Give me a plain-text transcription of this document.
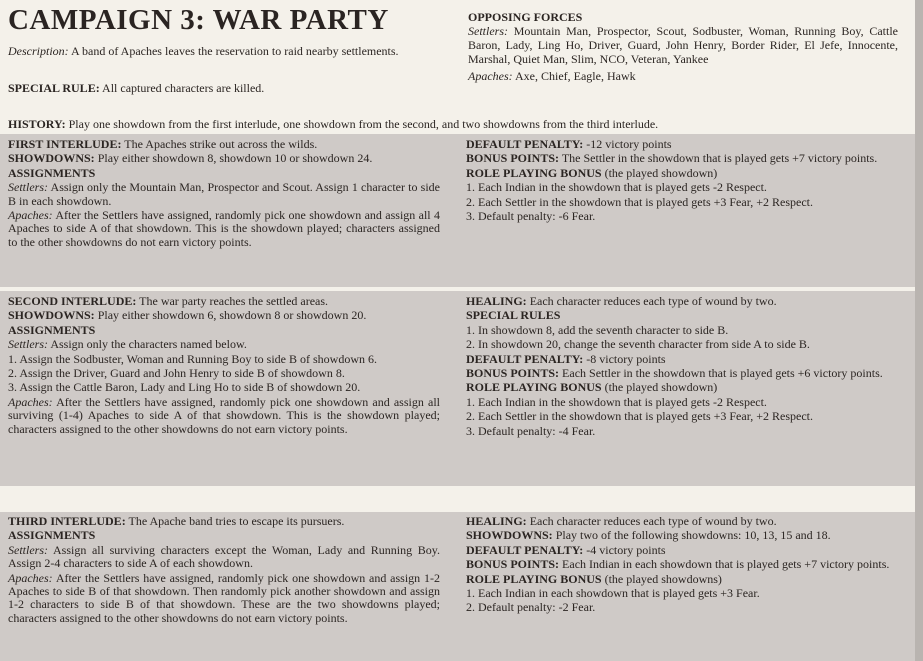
CAMPAIGN 3: WAR PARTY
Description: A band of Apaches leaves the reservation to raid nearby settlements.
SPECIAL RULE: All captured characters are killed.
OPPOSING FORCES
Settlers: Mountain Man, Prospector, Scout, Sodbuster, Woman, Running Boy, Cattle Baron, Lady, Ling Ho, Driver, Guard, John Henry, Border Rider, El Jefe, Innocente, Marshal, Quiet Man, Slim, NCO, Veteran, Yankee
Apaches: Axe, Chief, Eagle, Hawk
HISTORY: Play one showdown from the first interlude, one showdown from the second, and two showdowns from the third interlude.

FIRST INTERLUDE: The Apaches strike out across the wilds.

SHOWDOWNS: Play either showdown 8, showdown 10 or showdown 24.

ASSIGNMENTS

Settlers: Assign only the Mountain Man, Prospector and Scout. Assign 1 character to side B in each showdown.

Apaches: After the Settlers have assigned, randomly pick one showdown and assign all 4 Apaches to side A of that showdown. This is the showdown played; characters assigned to the other showdowns do not earn victory points.

DEFAULT PENALTY: -12 victory points

BONUS POINTS: The Settler in the showdown that is played gets +7 victory points.

ROLE PLAYING BONUS (the played showdown)

1. Each Indian in the showdown that is played gets -2 Respect.

2. Each Settler in the showdown that is played gets +3 Fear, +2 Respect.

3. Default penalty: -6 Fear.

SECOND INTERLUDE: The war party reaches the settled areas.

SHOWDOWNS: Play either showdown 6, showdown 8 or showdown 20.

ASSIGNMENTS

Settlers: Assign only the characters named below.

1. Assign the Sodbuster, Woman and Running Boy to side B of showdown 6.

2. Assign the Driver, Guard and John Henry to side B of showdown 8.

3. Assign the Cattle Baron, Lady and Ling Ho to side B of showdown 20.

Apaches: After the Settlers have assigned, randomly pick one showdown and assign all surviving (1-4) Apaches to side A of that showdown. This is the showdown played; characters assigned to the other showdowns do not earn victory points.

HEALING: Each character reduces each type of wound by two.

SPECIAL RULES

1. In showdown 8, add the seventh character to side B.

2. In showdown 20, change the seventh character from side A to side B.

DEFAULT PENALTY: -8 victory points

BONUS POINTS: Each Settler in the showdown that is played gets +6 victory points.

ROLE PLAYING BONUS (the played showdown)

1. Each Indian in the showdown that is played gets -2 Respect.

2. Each Settler in the showdown that is played gets +3 Fear, +2 Respect.

3. Default penalty: -4 Fear.

THIRD INTERLUDE: The Apache band tries to escape its pursuers.

ASSIGNMENTS

Settlers: Assign all surviving characters except the Woman, Lady and Running Boy. Assign 2-4 characters to side A of each showdown.

Apaches: After the Settlers have assigned, randomly pick one showdown and assign 1-2 Apaches to side B of that showdown. Then randomly pick another showdown and assign 1-2 characters to side B of that showdown. These are the two showdowns played; characters assigned to the other showdowns do not earn victory points.

HEALING: Each character reduces each type of wound by two.

SHOWDOWNS: Play two of the following showdowns: 10, 13, 15 and 18.

DEFAULT PENALTY: -4 victory points

BONUS POINTS: Each Indian in each showdown that is played gets +7 victory points.

ROLE PLAYING BONUS (the played showdowns)

1. Each Indian in each showdown that is played gets +3 Fear.

2. Default penalty: -2 Fear.
